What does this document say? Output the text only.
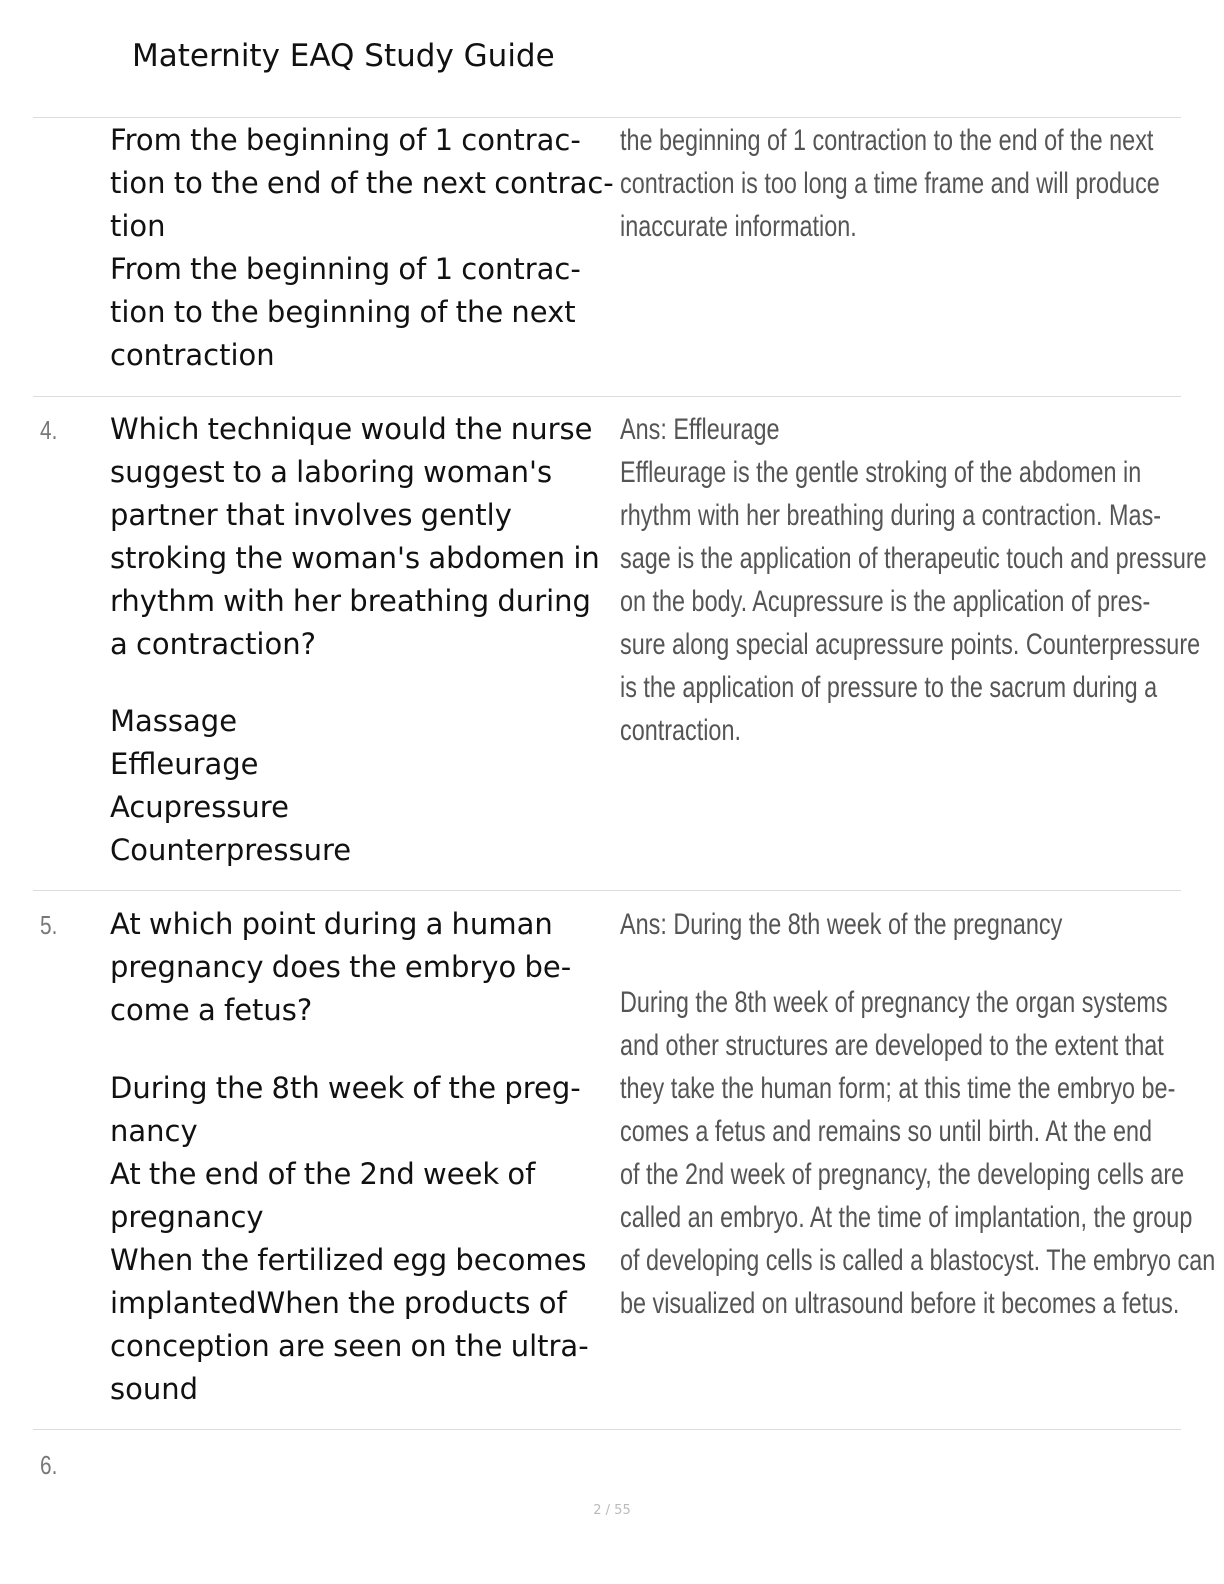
Maternity EAQ Study Guide
From the beginning of 1 contrac-
tion to the end of the next contrac-
tion
From the beginning of 1 contrac-
tion to the beginning of the next
contraction
the beginning of 1 contraction to the end of the next
contraction is too long a time frame and will produce
inaccurate information.
4. Which technique would the nurse
suggest to a laboring woman's
partner that involves gently
stroking the woman's abdomen in
rhythm with her breathing during
a contraction?
Massage
Effleurage
Acupressure
Counterpressure
Ans: Effleurage
Effleurage is the gentle stroking of the abdomen in
rhythm with her breathing during a contraction. Mas-
sage is the application of therapeutic touch and pressure
on the body. Acupressure is the application of pres-
sure along special acupressure points. Counterpressure
is the application of pressure to the sacrum during a
contraction.
5. At which point during a human
pregnancy does the embryo be-
come a fetus?
During the 8th week of the preg-
nancy
At the end of the 2nd week of
pregnancy
When the fertilized egg becomes
implantedWhen the products of
conception are seen on the ultra-
sound
Ans: During the 8th week of the pregnancy
During the 8th week of pregnancy the organ systems
and other structures are developed to the extent that
they take the human form; at this time the embryo be-
comes a fetus and remains so until birth. At the end
of the 2nd week of pregnancy, the developing cells are
called an embryo. At the time of implantation, the group
of developing cells is called a blastocyst. The embryo can
be visualized on ultrasound before it becomes a fetus.
6.
2 / 55
